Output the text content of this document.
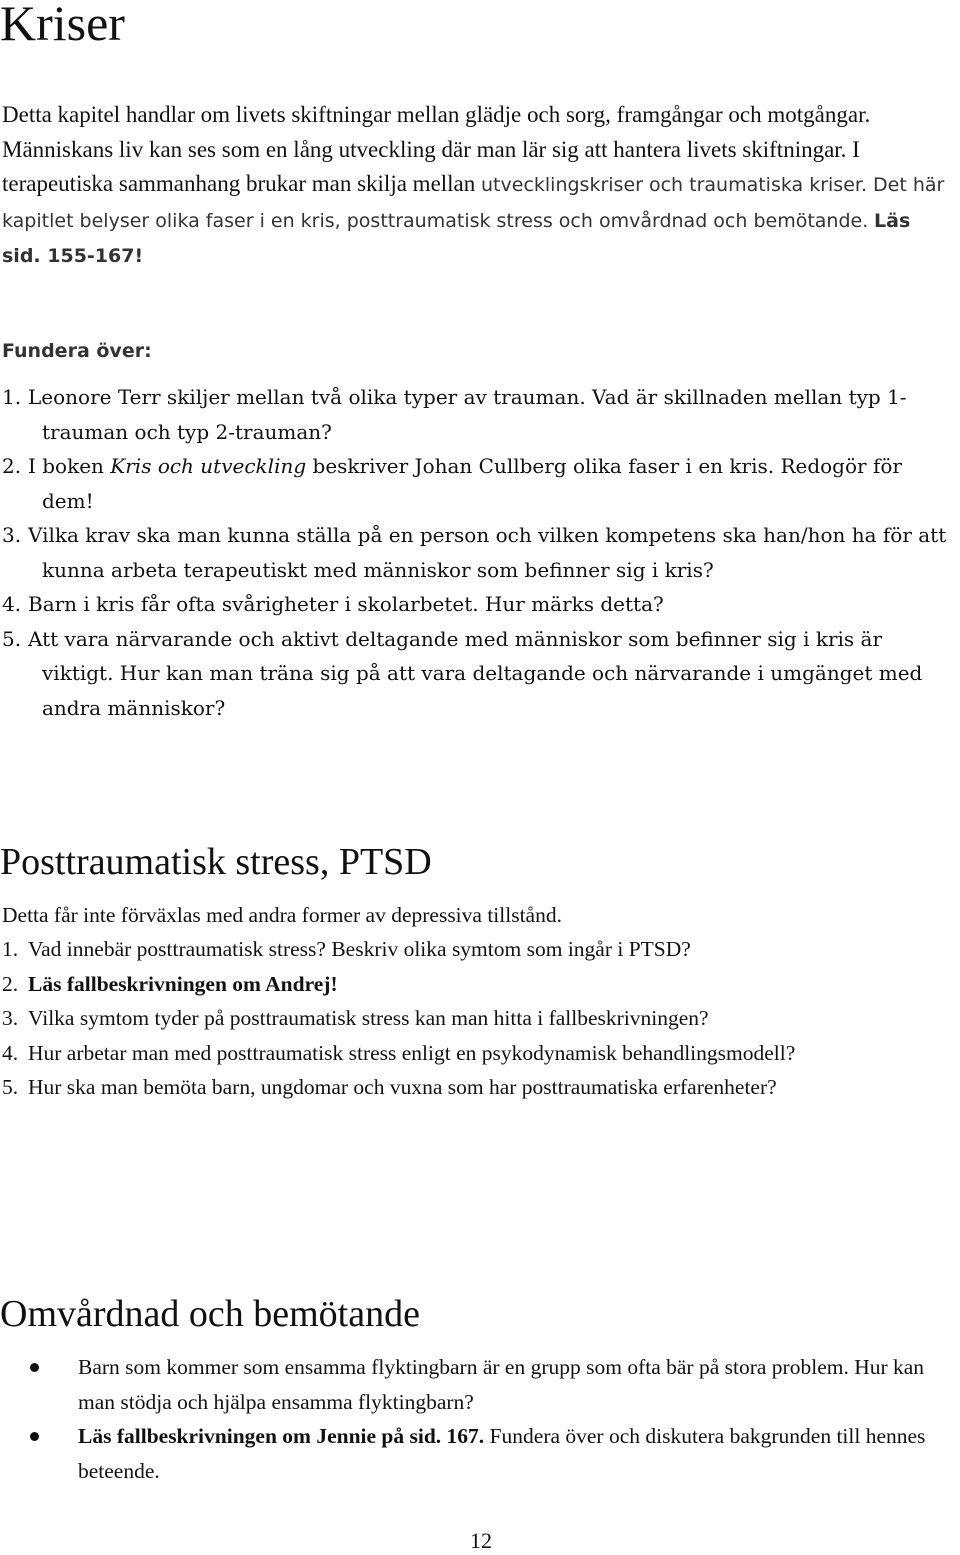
Kriser

Detta kapitel handlar om livets skiftningar mellan glädje och sorg, framgångar och motgångar. Människans liv kan ses som en lång utveckling där man lär sig att hantera livets skiftningar. I terapeutiska sammanhang brukar man skilja mellan utvecklingskriser och traumatiska kriser. Det här kapitlet belyser olika faser i en kris, posttraumatisk stress och omvårdnad och bemötande. Läs sid. 155-167!

Fundera över:
1. Leonore Terr skiljer mellan två olika typer av trauman. Vad är skillnaden mellan typ 1-trauman och typ 2-trauman?
2. I boken Kris och utveckling beskriver Johan Cullberg olika faser i en kris. Redogör för dem!
3. Vilka krav ska man kunna ställa på en person och vilken kompetens ska han/hon ha för att kunna arbeta terapeutiskt med människor som befinner sig i kris?
4. Barn i kris får ofta svårigheter i skolarbetet. Hur märks detta?
5. Att vara närvarande och aktivt deltagande med människor som befinner sig i kris är viktigt. Hur kan man träna sig på att vara deltagande och närvarande i umgänget med andra människor?
Posttraumatisk stress, PTSD

Detta får inte förväxlas med andra former av depressiva tillstånd.

1. Vad innebär posttraumatisk stress? Beskriv olika symtom som ingår i PTSD?
2. Läs fallbeskrivningen om Andrej!
3. Vilka symtom tyder på posttraumatisk stress kan man hitta i fallbeskrivningen?
4. Hur arbetar man med posttraumatisk stress enligt en psykodynamisk behandlingsmodell?
5. Hur ska man bemöta barn, ungdomar och vuxna som har posttraumatiska erfarenheter?
Omvårdnad och bemötande
Barn som kommer som ensamma flyktingbarn är en grupp som ofta bär på stora problem. Hur kan man stödja och hjälpa ensamma flyktingbarn?
Läs fallbeskrivningen om Jennie på sid. 167. Fundera över och diskutera bakgrunden till hennes beteende.
12
